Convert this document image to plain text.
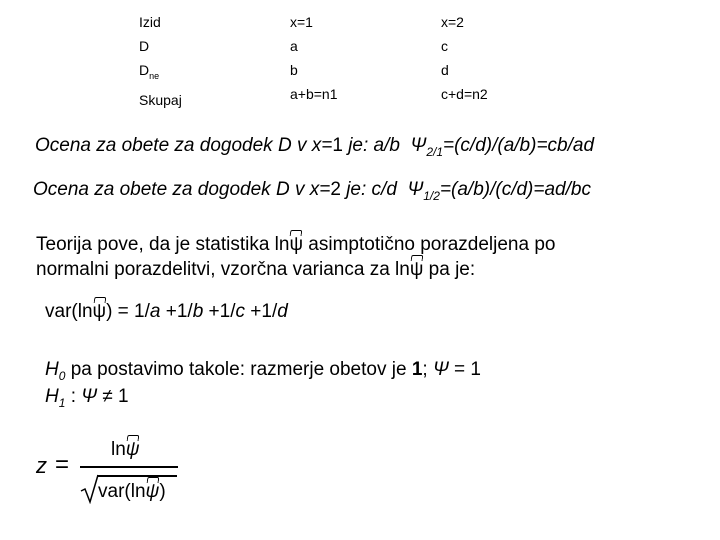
Izid
D
$D_{ne}$
Skupaj
x=1
a
b
a+b=n1
x=2
c
d
c+d=n2
Ocena za obete za dogodek D v x=1 je: a/b $\Psi_{2/1}=(c/d)/(a/b)=cb/ad$
Ocena za obete za dogodek D v x=2 je: c/d $\Psi_{1/2}=(a/b)/(c/d)=ad/bc$
Teorija pove, da je statistika lnψ asimptotično porazdeljena po
normalni porazdelitvi, vzorčna varianca za lnψ pa je:
var(lnψ) = 1/a +1/b +1/c +1/d
$H_0$ pa postavimo takole: razmerje obetov je 1; Ψ = 1
$H_1$ : Ψ ≠ 1
z =
lnψ
var(lnψ)
